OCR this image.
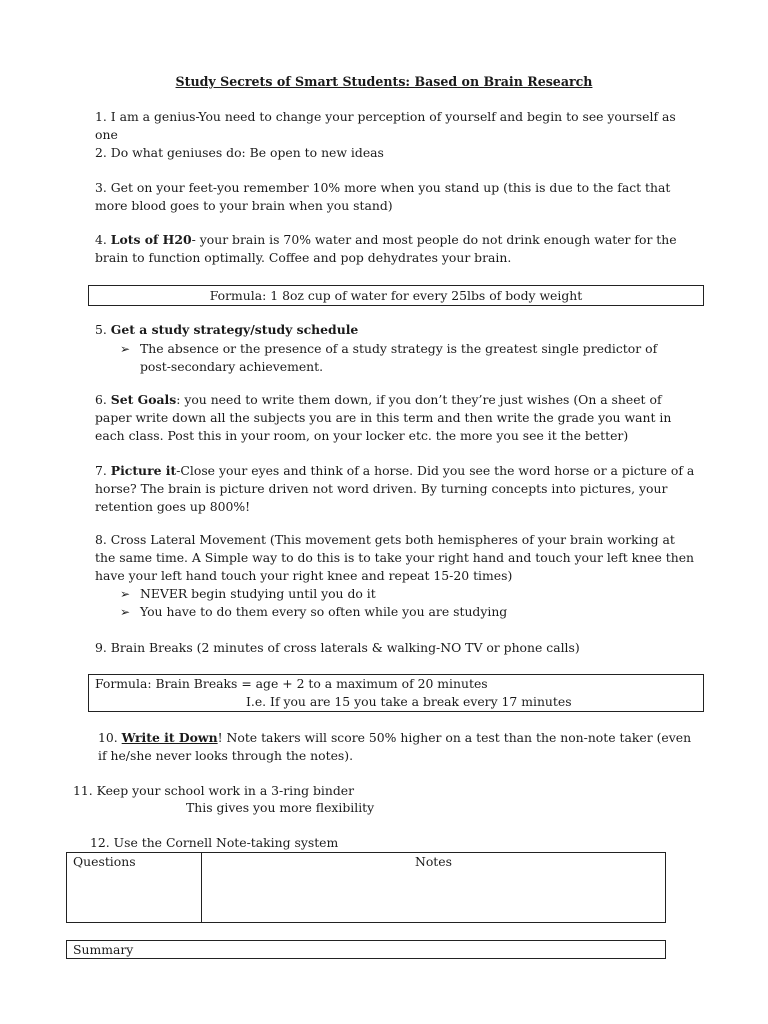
Study Secrets of Smart Students: Based on Brain Research
1. I am a genius-You need to change your perception of yourself and begin to see yourself as one
2. Do what geniuses do: Be open to new ideas
3. Get on your feet-you remember 10% more when you stand up (this is due to the fact that more blood goes to your brain when you stand)
4. Lots of H20- your brain is 70% water and most people do not drink enough water for the brain to function optimally. Coffee and pop dehydrates your brain.
Formula: 1 8oz cup of water for every 25lbs of body weight
5. Get a study strategy/study schedule
➢ The absence or the presence of a study strategy is the greatest single predictor of post-secondary achievement.
6. Set Goals: you need to write them down, if you don’t they’re just wishes (On a sheet of paper write down all the subjects you are in this term and then write the grade you want in each class. Post this in your room, on your locker etc. the more you see it the better)
7. Picture it-Close your eyes and think of a horse. Did you see the word horse or a picture of a horse? The brain is picture driven not word driven. By turning concepts into pictures, your retention goes up 800%!
8. Cross Lateral Movement (This movement gets both hemispheres of your brain working at the same time. A Simple way to do this is to take your right hand and touch your left knee then have your left hand touch your right knee and repeat 15-20 times)
➢ NEVER begin studying until you do it
➢ You have to do them every so often while you are studying
9. Brain Breaks (2 minutes of cross laterals & walking-NO TV or phone calls)
Formula: Brain Breaks = age + 2 to a maximum of 20 minutes
I.e. If you are 15 you take a break every 17 minutes
10. Write it Down! Note takers will score 50% higher on a test than the non-note taker (even if he/she never looks through the notes).
11. Keep your school work in a 3-ring binder
This gives you more flexibility
12. Use the Cornell Note-taking system
Questions	Notes
Summary
